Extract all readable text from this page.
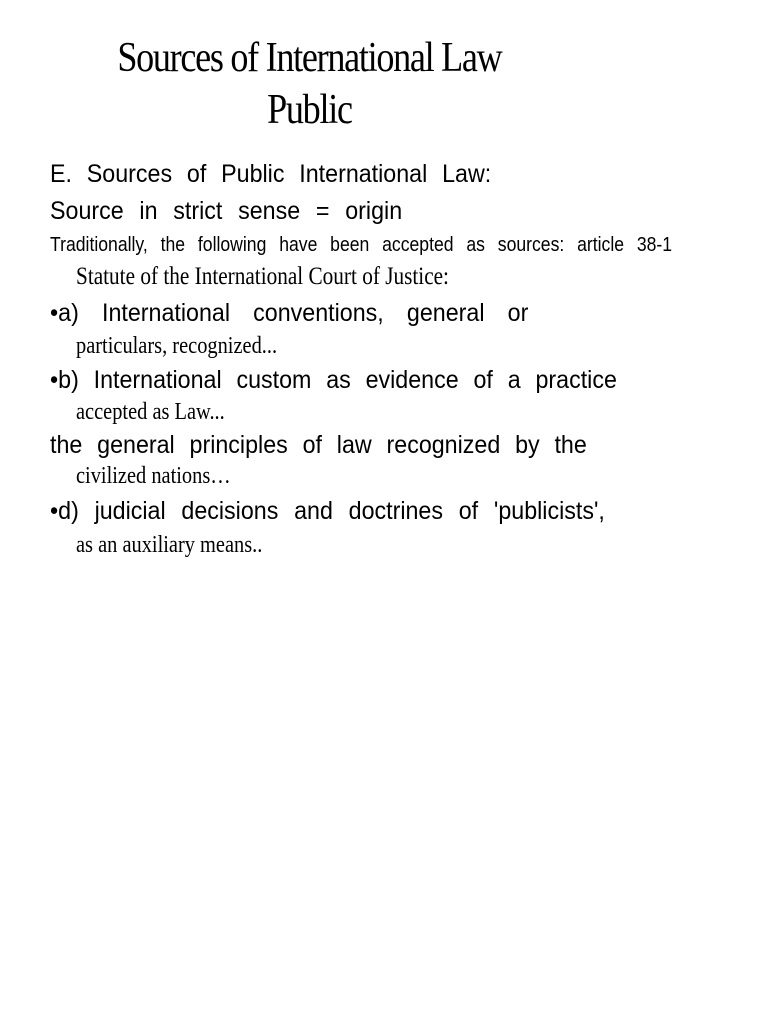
Sources of International Law
Public
E. Sources of Public International Law:
Source in strict sense = origin
Traditionally, the following have been accepted as sources: article 38-1
Statute of the International Court of Justice:
•a) International conventions, general or
particulars, recognized...
•b) International custom as evidence of a practice
accepted as Law...
the general principles of law recognized by the
civilized nations…
•d) judicial decisions and doctrines of 'publicists',
as an auxiliary means..
